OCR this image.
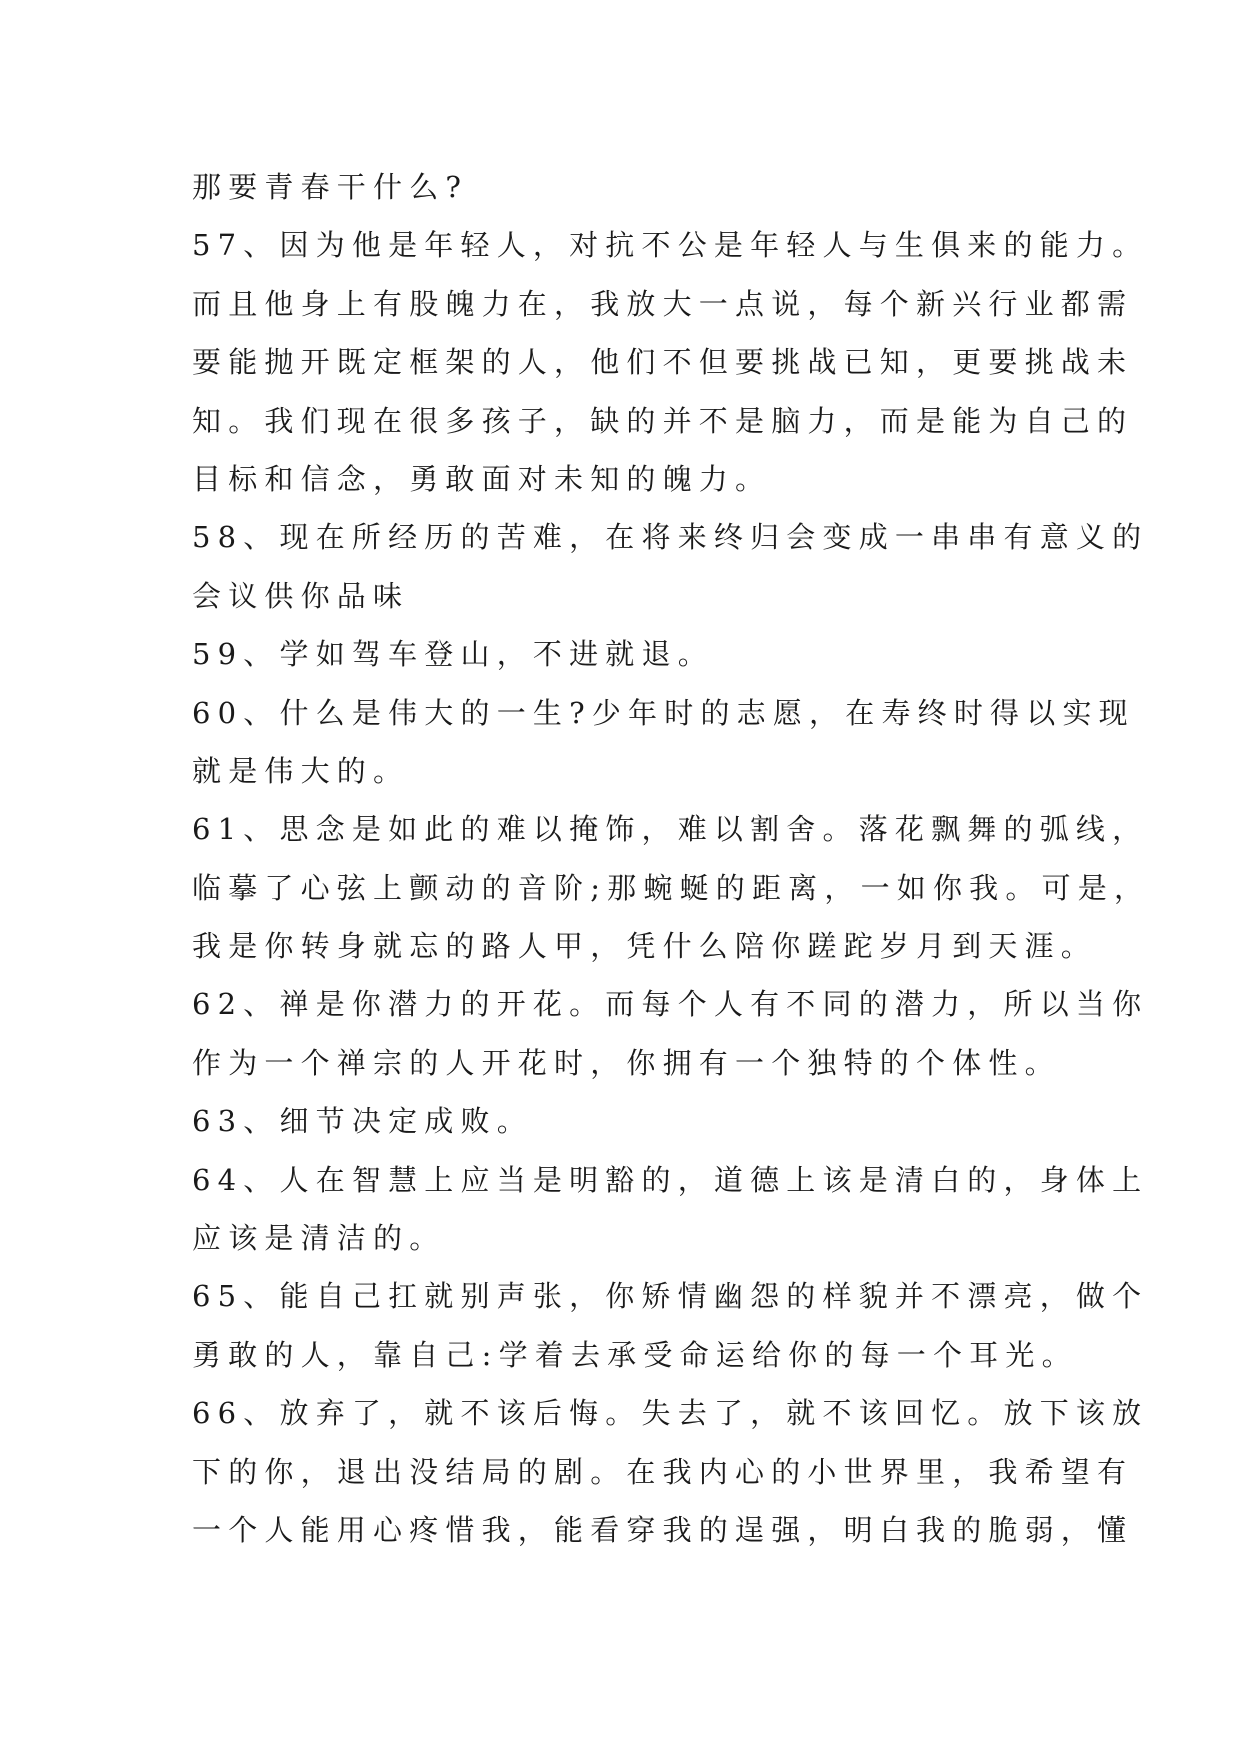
那要青春干什么?
57、因为他是年轻人，对抗不公是年轻人与生俱来的能力。
而且他身上有股魄力在，我放大一点说，每个新兴行业都需
要能抛开既定框架的人，他们不但要挑战已知，更要挑战未
知。我们现在很多孩子，缺的并不是脑力，而是能为自己的
目标和信念，勇敢面对未知的魄力。
58、现在所经历的苦难，在将来终归会变成一串串有意义的
会议供你品味
59、学如驾车登山，不进就退。
60、什么是伟大的一生?少年时的志愿，在寿终时得以实现
就是伟大的。
61、思念是如此的难以掩饰，难以割舍。落花飘舞的弧线，
临摹了心弦上颤动的音阶;那蜿蜒的距离，一如你我。可是，
我是你转身就忘的路人甲，凭什么陪你蹉跎岁月到天涯。
62、禅是你潜力的开花。而每个人有不同的潜力，所以当你
作为一个禅宗的人开花时，你拥有一个独特的个体性。
63、细节决定成败。
64、人在智慧上应当是明豁的，道德上该是清白的，身体上
应该是清洁的。
65、能自己扛就别声张，你矫情幽怨的样貌并不漂亮，做个
勇敢的人，靠自己:学着去承受命运给你的每一个耳光。
66、放弃了，就不该后悔。失去了，就不该回忆。放下该放
下的你，退出没结局的剧。在我内心的小世界里，我希望有
一个人能用心疼惜我，能看穿我的逞强，明白我的脆弱，懂
